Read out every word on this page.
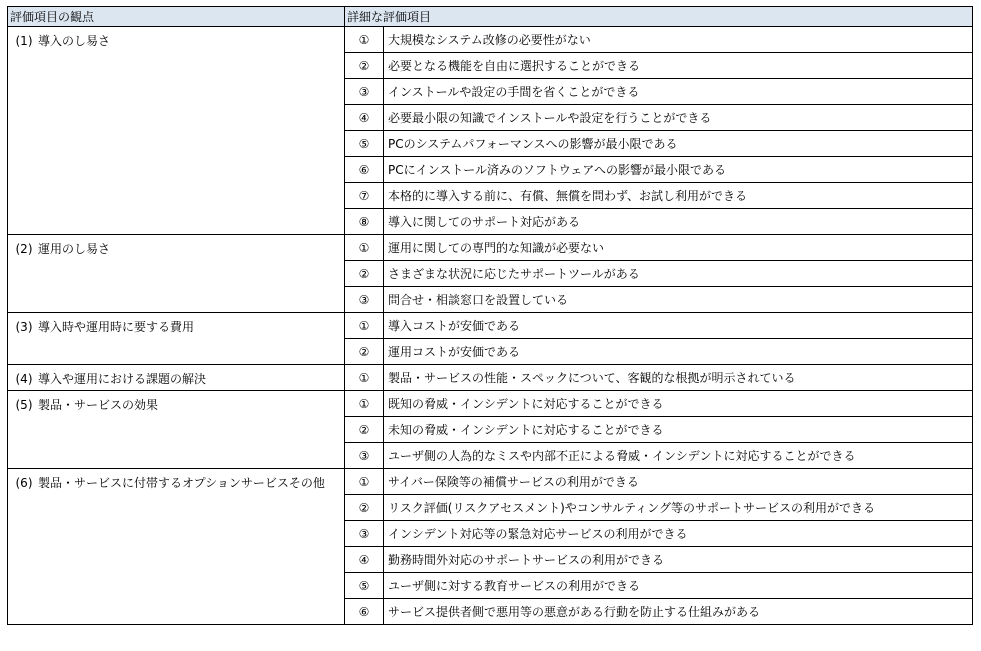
評価項目の観点	詳細な評価項目	
(1) 導入のし易さ	①	大規模なシステム改修の必要性がない
	②	必要となる機能を自由に選択することができる
	③	インストールや設定の手間を省くことができる
	④	必要最小限の知識でインストールや設定を行うことができる
	⑤	PCのシステムパフォーマンスへの影響が最小限である
	⑥	PCにインストール済みのソフトウェアへの影響が最小限である
	⑦	本格的に導入する前に、有償、無償を問わず、お試し利用ができる
	⑧	導入に関してのサポート対応がある
(2) 運用のし易さ	①	運用に関しての専門的な知識が必要ない
	②	さまざまな状況に応じたサポートツールがある
	③	問合せ・相談窓口を設置している
(3) 導入時や運用時に要する費用	①	導入コストが安価である
	②	運用コストが安価である
(4) 導入や運用における課題の解決	①	製品・サービスの性能・スペックについて、客観的な根拠が明示されている
(5) 製品・サービスの効果	①	既知の脅威・インシデントに対応することができる
	②	未知の脅威・インシデントに対応することができる
	③	ユーザ側の人為的なミスや内部不正による脅威・インシデントに対応することができる
(6) 製品・サービスに付帯するオプションサービスその他	①	サイバー保険等の補償サービスの利用ができる
	②	リスク評価(リスクアセスメント)やコンサルティング等のサポートサービスの利用ができる
	③	インシデント対応等の緊急対応サービスの利用ができる
	④	勤務時間外対応のサポートサービスの利用ができる
	⑤	ユーザ側に対する教育サービスの利用ができる
	⑥	サービス提供者側で悪用等の悪意がある行動を防止する仕組みがある
